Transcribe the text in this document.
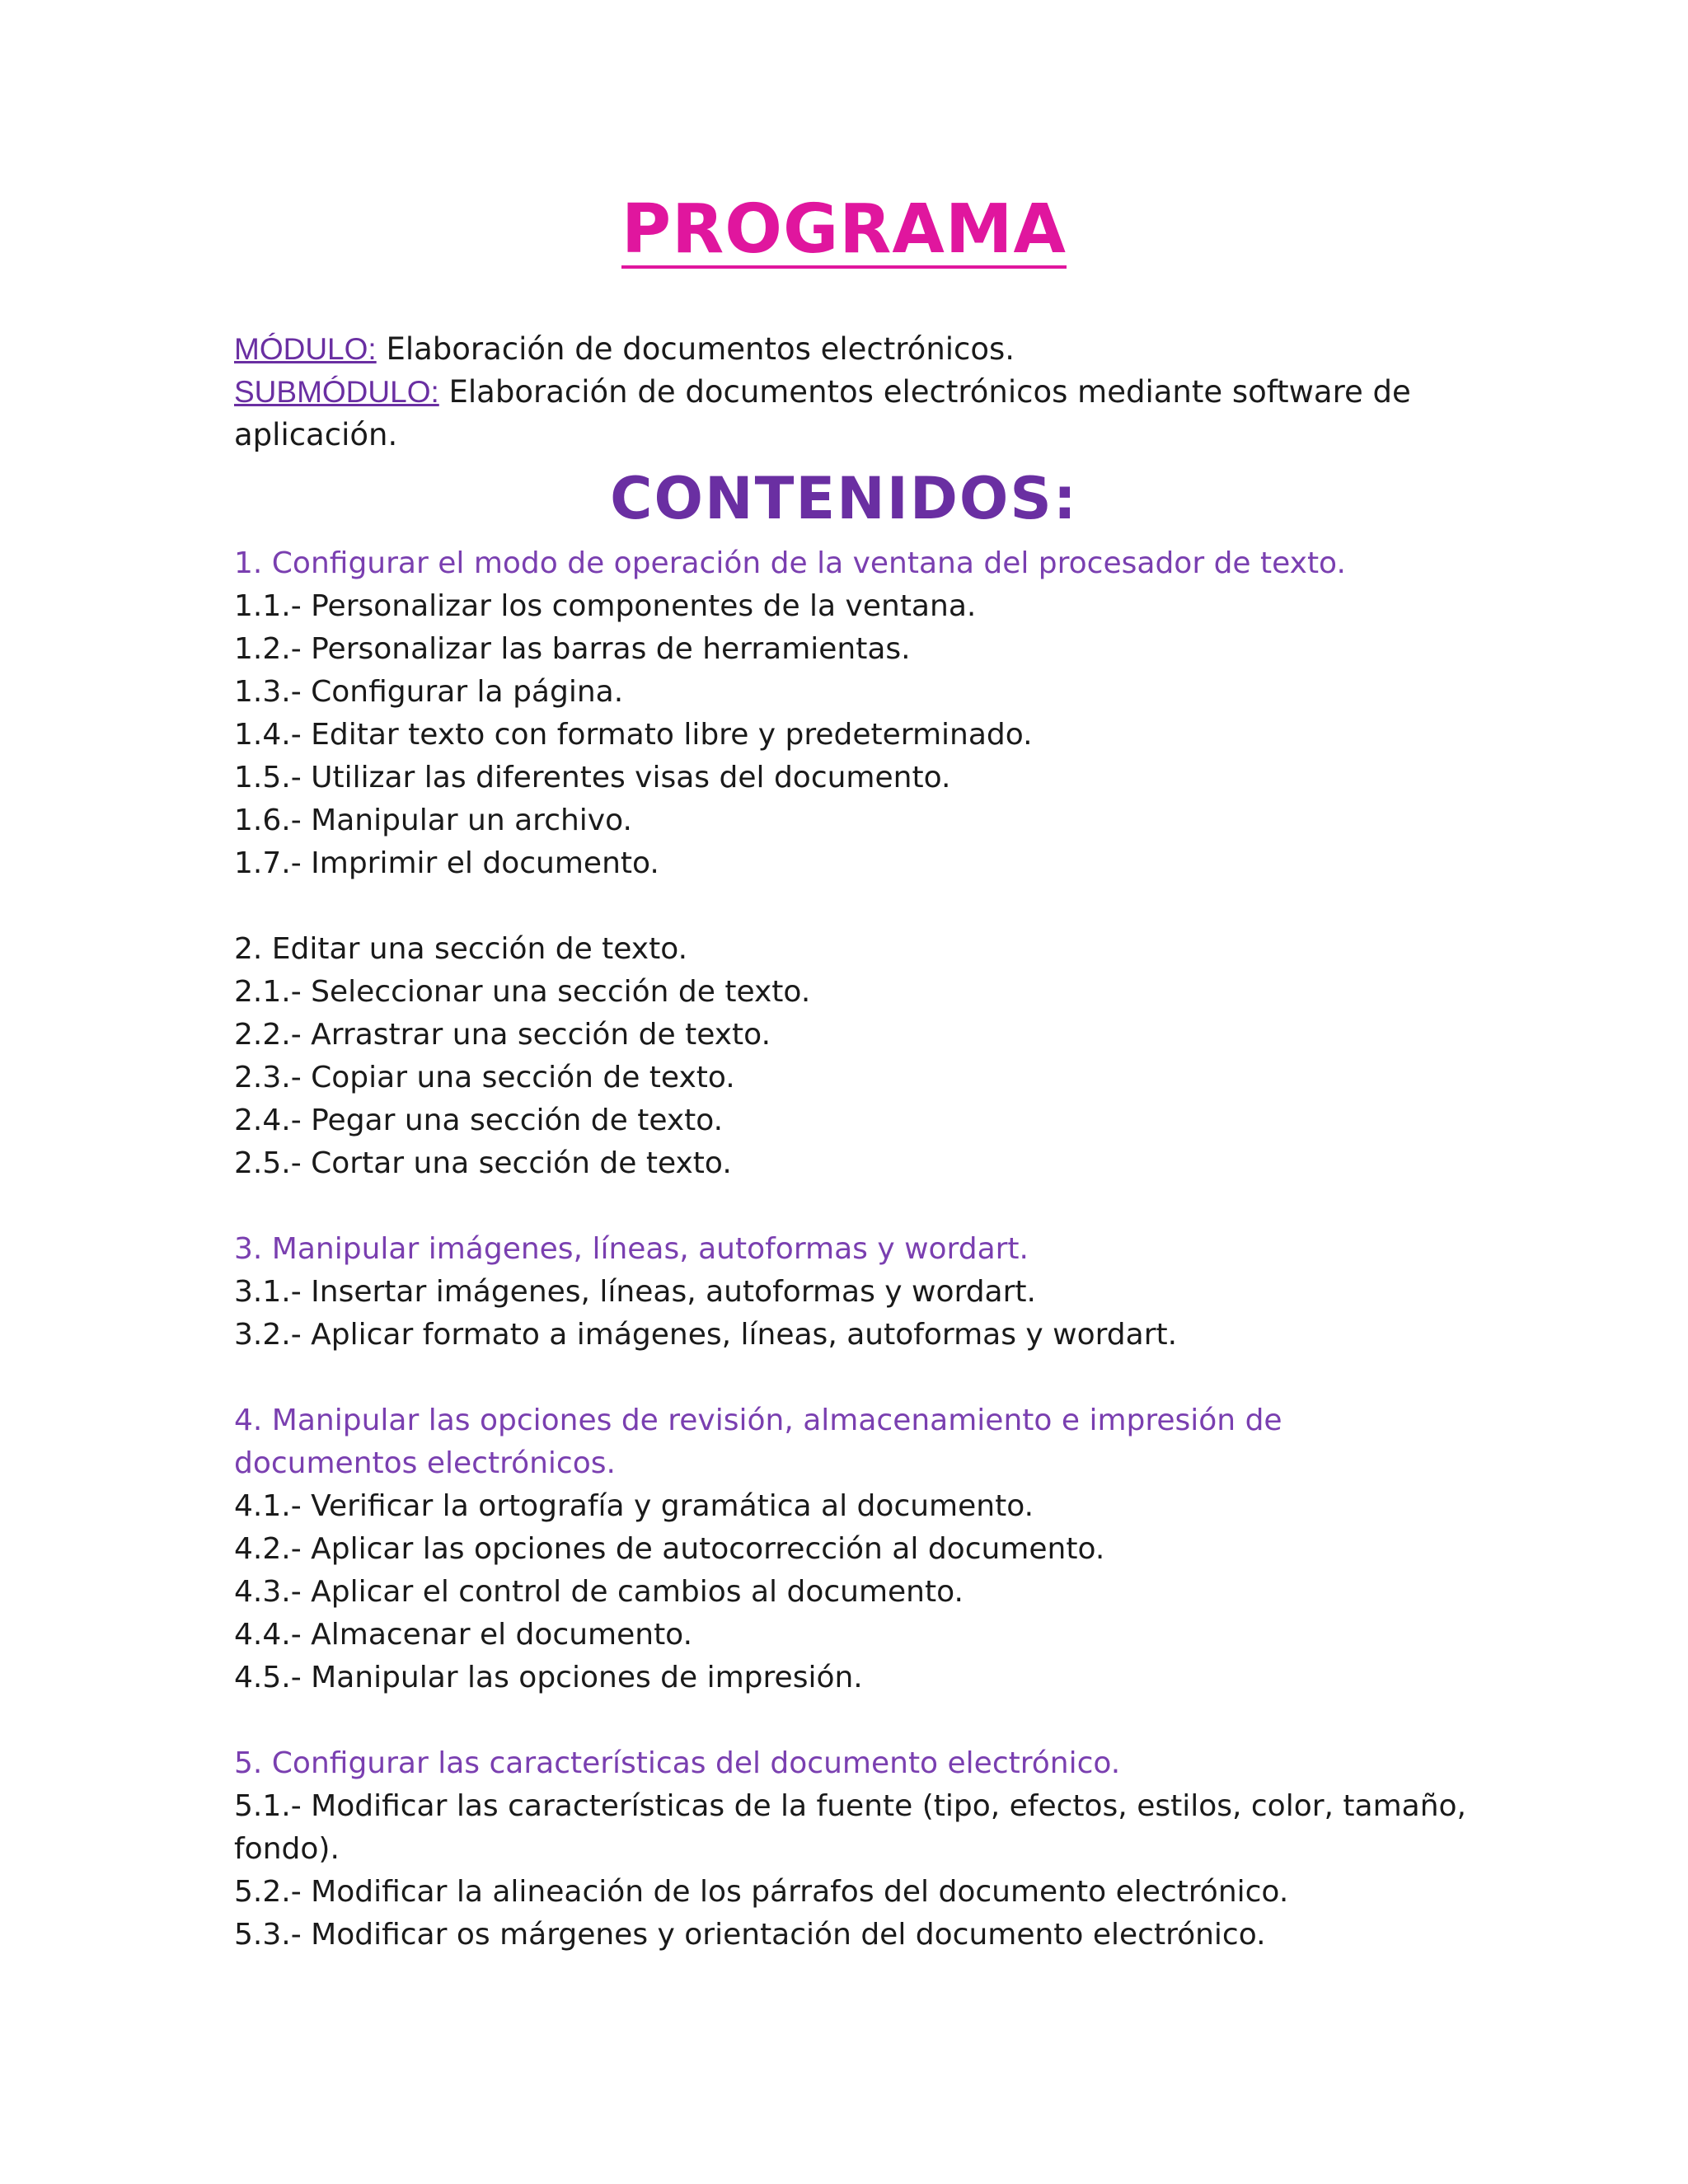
PROGRAMA
MÓDULO: Elaboración de documentos electrónicos.
SUBMÓDULO: Elaboración de documentos electrónicos mediante software de
aplicación.
CONTENIDOS:
1. Configurar el modo de operación de la ventana del procesador de texto.
1.1.- Personalizar los componentes de la ventana.
1.2.- Personalizar las barras de herramientas.
1.3.- Configurar la página.
1.4.- Editar texto con formato libre y predeterminado.
1.5.- Utilizar las diferentes visas del documento.
1.6.- Manipular un archivo.
1.7.- Imprimir el documento.
2. Editar una sección de texto.
2.1.- Seleccionar una sección de texto.
2.2.- Arrastrar una sección de texto.
2.3.- Copiar una sección de texto.
2.4.- Pegar una sección de texto.
2.5.- Cortar una sección de texto.
3. Manipular imágenes, líneas, autoformas y wordart.
3.1.- Insertar imágenes, líneas, autoformas y wordart.
3.2.- Aplicar formato a imágenes, líneas, autoformas y wordart.
4. Manipular las opciones de revisión, almacenamiento e impresión de
documentos electrónicos.
4.1.- Verificar la ortografía y gramática al documento.
4.2.- Aplicar las opciones de autocorrección al documento.
4.3.- Aplicar el control de cambios al documento.
4.4.- Almacenar el documento.
4.5.- Manipular las opciones de impresión.
5. Configurar las características del documento electrónico.
5.1.- Modificar las características de la fuente (tipo, efectos, estilos, color, tamaño,
fondo).
5.2.- Modificar la alineación de los párrafos del documento electrónico.
5.3.- Modificar os márgenes y orientación del documento electrónico.
